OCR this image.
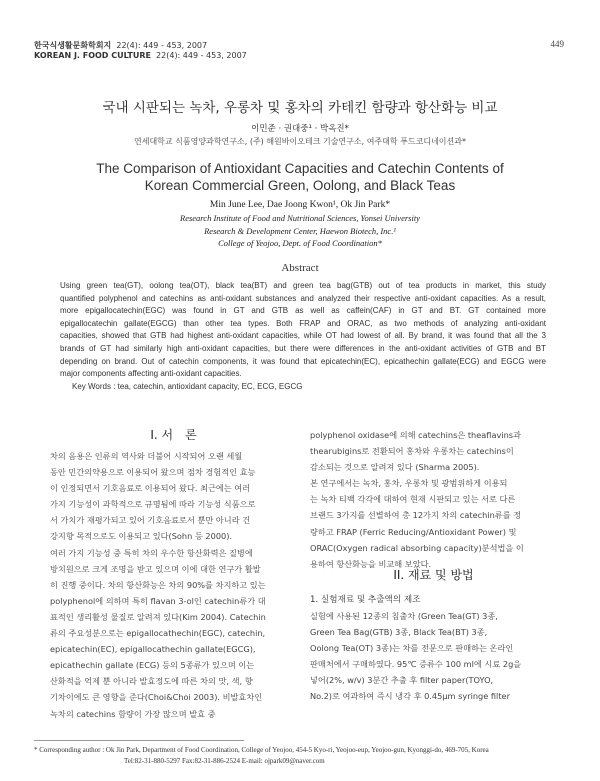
한국식생활문화학회지 22(4): 449 - 453, 2007
KOREAN J. FOOD CULTURE 22(4): 449 - 453, 2007
449
국내 시판되는 녹차, 우롱차 및 홍차의 카테킨 함량과 항산화능 비교
이민준 · 권대중¹ · 박옥진*
연세대학교 식품영양과학연구소, (주) 해원바이오테크 기술연구소, 여주대학 푸드코디네이션과*
The Comparison of Antioxidant Capacities and Catechin Contents of
Korean Commercial Green, Oolong, and Black Teas
Min June Lee, Dae Joong Kwon¹, Ok Jin Park*
Research Institute of Food and Nutritional Sciences, Yonsei University
Research & Development Center, Haewon Biotech, Inc.¹
College of Yeojoo, Dept. of Food Coordination*
Abstract
Using green tea(GT), oolong tea(OT), black tea(BT) and green tea bag(GTB) out of tea products in market, this study
quantified polyphenol and catechins as anti-oxidant substances and analyzed their respective anti-oxidant capacities. As a result,
more epigallocatechin(EGC) was found in GT and GTB as well as caffein(CAF) in GT and BT. GT contained more
epigallocatechin gallate(EGCG) than other tea types. Both FRAP and ORAC, as two methods of analyzing anti-oxidant
capacities, showed that GTB had highest anti-oxidant capacities, while OT had lowest of all. By brand, it was found that all the 3
brands of GT had similarly high anti-oxidant capacities, but there were differences in the anti-oxidant activities of GTB and BT
depending on brand. Out of catechin components, it was found that epicatechin(EC), epicathechin gallate(ECG) and EGCG were
major components affecting anti-oxidant capacities.
Key Words : tea, catechin, antioxidant capacity, EC, ECG, EGCG
I. 서　론
차의 음용은 인류의 역사와 더불어 시작되어 오랜 세월
동안 민간의약용으로 이용되어 왔으며 점차 경험적인 효능
이 인정되면서 기호음료로 이용되어 왔다. 최근에는 여러
가지 기능성이 과학적으로 규명됨에 따라 기능성 식품으로
서 가치가 재평가되고 있어 기호음료로서 뿐만 아니라 건
강지향 목적으로도 이용되고 있다(Sohn 등 2000).
여러 가지 기능성 중 특히 차의 우수한 항산화력은 질병에
방치원으로 크게 조명을 받고 있으며 이에 대한 연구가 활발
히 진행 중이다. 차의 항산화능은 차의 90%를 차지하고 있는
polyphenol에 의하며 특히 flavan 3-ol인 catechin류가 대
표적인 생리활성 물질로 알려져 있다(Kim 2004). Catechin
류의 주요성분으로는 epigallocathechin(EGC), catechin,
epicatechin(EC), epigallocathechin gallate(EGCG),
epicathechin gallate (ECG) 등의 5종류가 있으며 이는
산화적을 억제 뿐 아니라 발효정도에 따른 차의 맛, 색, 향
기차이에도 큰 영향을 준다(Choi&Choi 2003). 비발효차인
녹차의 catechins 함량이 가장 많으며 발효 중
polyphenol oxidase에 의해 catechins은 theaflavins과
thearubigins로 전환되어 홍차와 우롱차는 catechins이
감소되는 것으로 알려져 있다 (Sharma 2005).
본 연구에서는 녹차, 홍차, 우롱차 및 광범위하게 이용되
는 녹차 티백 각각에 대하여 현재 시판되고 있는 서로 다른
브랜드 3가지를 선별하여 총 12가지 차의 catechin류를 정
량하고 FRAP (Ferric Reducing/Antioxidant Power) 및
ORAC(Oxygen radical absorbing capacity)분석법을 이
용하여 항산화능을 비교해 보았다.
II. 재료 및 방법
1. 실험재료 및 추출액의 제조
실험에 사용된 12종의 침출차 (Green Tea(GT) 3종,
Green Tea Bag(GTB) 3종, Black Tea(BT) 3종,
Oolong Tea(OT) 3종)는 차를 전문으로 판매하는 온라인
판매처에서 구매하였다. 95℃ 증류수 100 ml에 시료 2g을
넣어(2%, w/v) 3분간 추출 후 filter paper(TOYO,
No.2)로 여과하여 즉시 냉각 후 0.45μm syringe filter
* Corresponding author : Ok Jin Park, Department of Food Coordination, College of Yeojoo, 454-5 Kyo-ri, Yeojoo-eup, Yeojoo-gun, Kyonggi-do, 469-705, Korea
Tel:82-31-880-5297 Fax:82-31-886-2524 E-mail: ojpark09@naver.com
